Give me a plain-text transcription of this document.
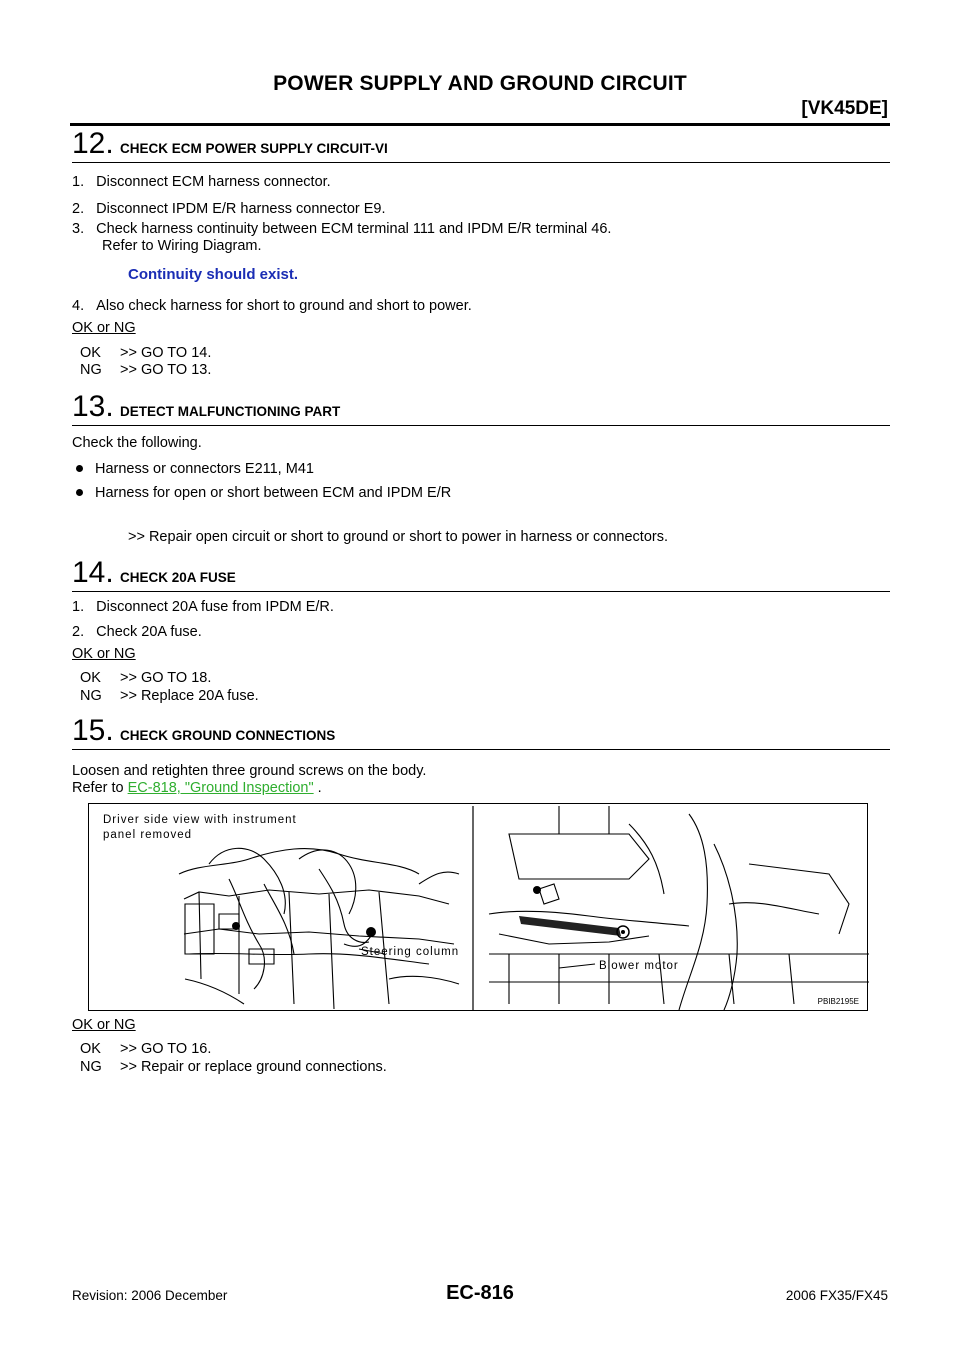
POWER SUPPLY AND GROUND CIRCUIT
[VK45DE]
12. CHECK ECM POWER SUPPLY CIRCUIT-VI
1.   Disconnect ECM harness connector.
2.   Disconnect IPDM E/R harness connector E9.
3.   Check harness continuity between ECM terminal 111 and IPDM E/R terminal 46.
Refer to Wiring Diagram.
Continuity should exist.
4.   Also check harness for short to ground and short to power.
OK or NG
OK >> GO TO 14.
NG >> GO TO 13.
13. DETECT MALFUNCTIONING PART
Check the following.
Harness or connectors E211, M41
Harness for open or short between ECM and IPDM E/R
>> Repair open circuit or short to ground or short to power in harness or connectors.
14. CHECK 20A FUSE
1.   Disconnect 20A fuse from IPDM E/R.
2.   Check 20A fuse.
OK or NG
OK >> GO TO 18.
NG >> Replace 20A fuse.
15. CHECK GROUND CONNECTIONS
Loosen and retighten three ground screws on the body.
Refer to EC-818, "Ground Inspection" .
Driver side view with instrument
panel removed
Steering column
Blower motor
PBIB2195E
OK or NG
OK >> GO TO 16.
NG >> Repair or replace ground connections.
EC-816
Revision: 2006 December	2006 FX35/FX45
